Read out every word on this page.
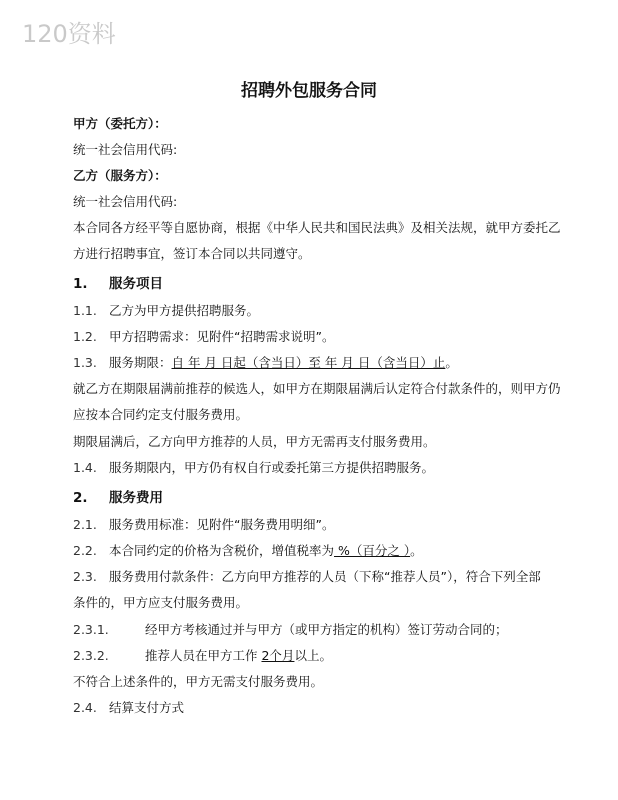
120资料
招聘外包服务合同
甲方（委托方）：
统一社会信用代码:
乙方（服务方）：
统一社会信用代码:
本合同各方经平等自愿协商，根据《中华人民共和国民法典》及相关法规，就甲方委托乙
方进行招聘事宜，签订本合同以共同遵守。
1. 服务项目
1.1. 乙方为甲方提供招聘服务。
1.2. 甲方招聘需求：见附件“招聘需求说明”。
1.3. 服务期限：自 年 月 日起（含当日）至 年 月 日（含当日）止。
就乙方在期限届满前推荐的候选人，如甲方在期限届满后认定符合付款条件的，则甲方仍
应按本合同约定支付服务费用。
期限届满后，乙方向甲方推荐的人员，甲方无需再支付服务费用。
1.4. 服务期限内，甲方仍有权自行或委托第三方提供招聘服务。
2. 服务费用
2.1. 服务费用标准：见附件“服务费用明细”。
2.2. 本合同约定的价格为含税价，增值税率为 %（百分之 ）。
2.3. 服务费用付款条件：乙方向甲方推荐的人员（下称“推荐人员”），符合下列全部
条件的，甲方应支付服务费用。
2.3.1.	经甲方考核通过并与甲方（或甲方指定的机构）签订劳动合同的；
2.3.2.	推荐人员在甲方工作 2个月以上。
不符合上述条件的，甲方无需支付服务费用。
2.4. 结算支付方式
